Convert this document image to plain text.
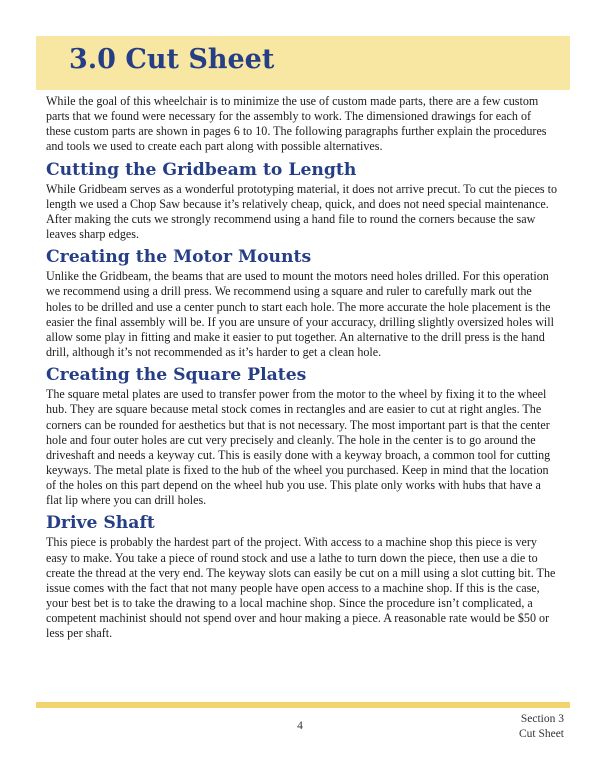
3.0 Cut Sheet

While the goal of this wheelchair is to minimize the use of custom made parts, there are a few custom parts that we found were necessary for the assembly to work. The dimensioned drawings for each of these custom parts are shown in pages 6 to 10. The following paragraphs further explain the procedures and tools we used to create each part along with possible alternatives.

Cutting the Gridbeam to Length

While Gridbeam serves as a wonderful prototyping material, it does not arrive precut. To cut the pieces to length we used a Chop Saw because it’s relatively cheap, quick, and does not need special maintenance. After making the cuts we strongly recommend using a hand file to round the corners because the saw leaves sharp edges.

Creating the Motor Mounts

Unlike the Gridbeam, the beams that are used to mount the motors need holes drilled. For this operation we recommend using a drill press. We recommend using a square and ruler to carefully mark out the holes to be drilled and use a center punch to start each hole. The more accurate the hole placement is the easier the final assembly will be. If you are unsure of your accuracy, drilling slightly oversized holes will allow some play in fitting and make it easier to put together. An alternative to the drill press is the hand drill, although it’s not recommended as it’s harder to get a clean hole.

Creating the Square Plates

The square metal plates are used to transfer power from the motor to the wheel by fixing it to the wheel hub. They are square because metal stock comes in rectangles and are easier to cut at right angles. The corners can be rounded for aesthetics but that is not necessary. The most important part is that the center hole and four outer holes are cut very precisely and cleanly. The hole in the center is to go around the driveshaft and needs a keyway cut. This is easily done with a keyway broach, a common tool for cutting keyways. The metal plate is fixed to the hub of the wheel you purchased. Keep in mind that the location of the holes on this part depend on the wheel hub you use. This plate only works with hubs that have a flat lip where you can drill holes.

Drive Shaft

This piece is probably the hardest part of the project. With access to a machine shop this piece is very easy to make. You take a piece of round stock and use a lathe to turn down the piece, then use a die to create the thread at the very end. The keyway slots can easily be cut on a mill using a slot cutting bit. The issue comes with the fact that not many people have open access to a machine shop. If this is the case, your best bet is to take the drawing to a local machine shop. Since the procedure isn’t complicated, a competent machinist should not spend over and hour making a piece. A reasonable rate would be $50 or less per shaft.

4
Section 3
Cut Sheet
